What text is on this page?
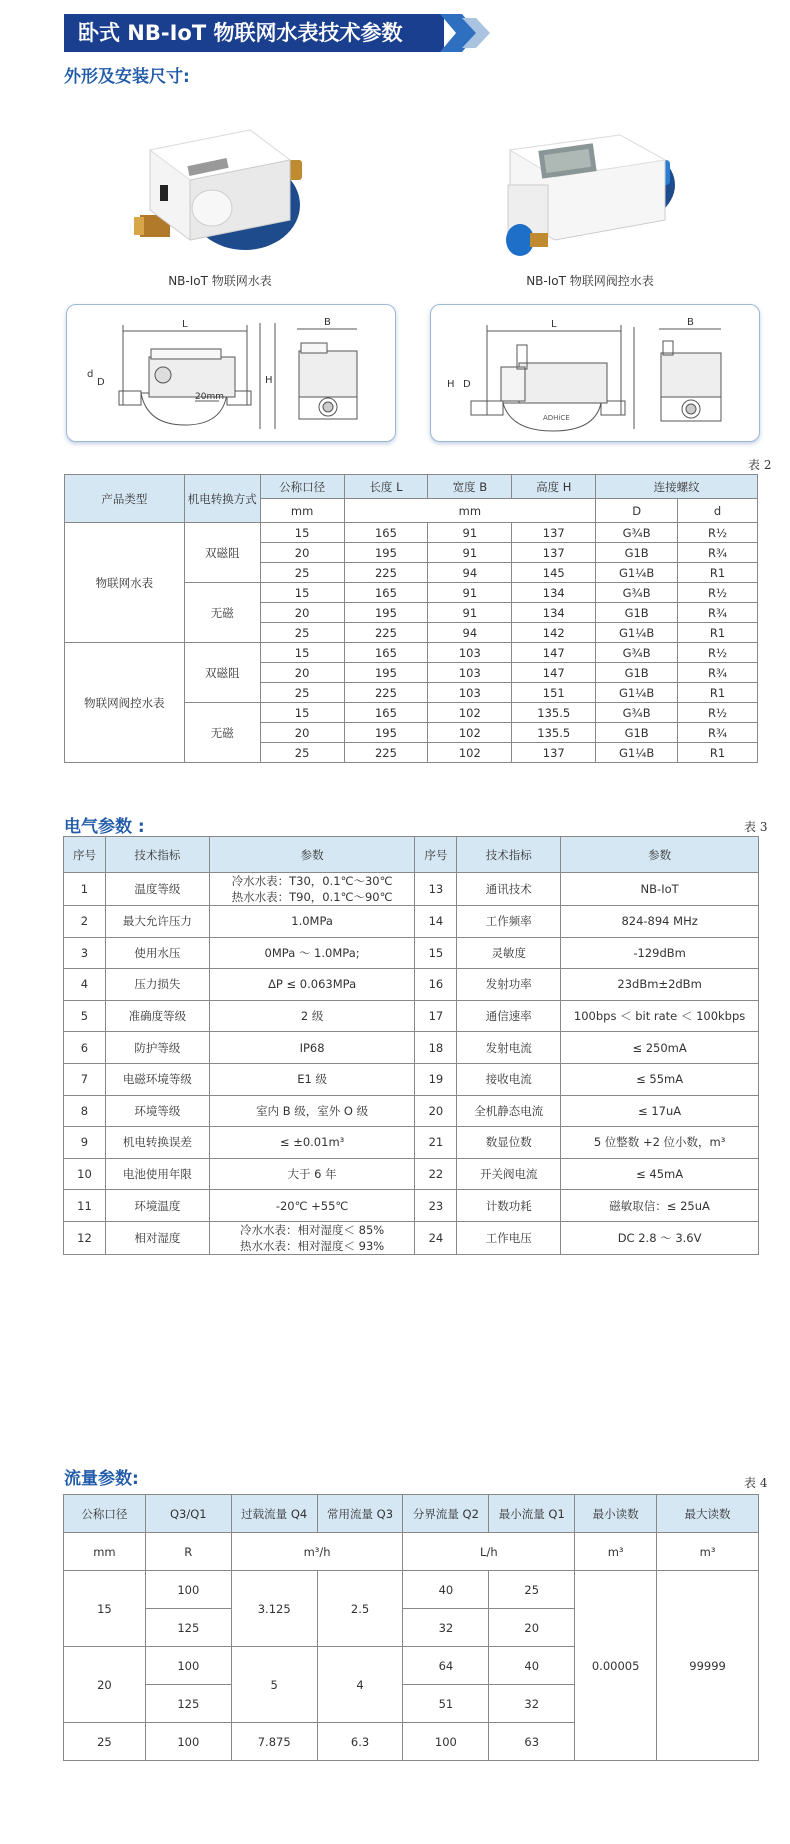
卧式 NB-IoT 物联网水表技术参数
外形及安装尺寸:
NB-IoT 物联网水表	NB-IoT 物联网阀控水表
L	B
H
d
D
20mm
L	B
H D
ADHiCE
表 2
产品类型	机电转换方式	公称口径	长度 L	宽度 B	高度 H	连接螺纹	
		mm	mm			D	d
物联网水表	双磁阻	15	165	91	137	G¾B	R½
		20	195	91	137	G1B	R¾
		25	225	94	145	G1¼B	R1
	无磁	15	165	91	134	G¾B	R½
		20	195	91	134	G1B	R¾
		25	225	94	142	G1¼B	R1
物联网阀控水表	双磁阻	15	165	103	147	G¾B	R½
		20	195	103	147	G1B	R¾
		25	225	103	151	G1¼B	R1
	无磁	15	165	102	135.5	G¾B	R½
		20	195	102	135.5	G1B	R¾
		25	225	102	137	G1¼B	R1
电气参数 :	表 3
序号	技术指标	参数	序号	技术指标	参数
1	温度等级	冷水水表：T30，0.1℃～30℃
热水水表：T90，0.1℃～90℃	13	通讯技术	NB-IoT
2	最大允许压力	1.0MPa	14	工作频率	824-894 MHz
3	使用水压	0MPa ～ 1.0MPa;	15	灵敏度	-129dBm
4	压力损失	ΔP ≤ 0.063MPa	16	发射功率	23dBm±2dBm
5	准确度等级	2 级	17	通信速率	100bps ＜ bit rate ＜ 100kbps
6	防护等级	IP68	18	发射电流	≤ 250mA
7	电磁环境等级	E1 级	19	接收电流	≤ 55mA
8	环境等级	室内 B 级，室外 O 级	20	全机静态电流	≤ 17uA
9	机电转换误差	≤ ±0.01m³	21	数显位数	5 位整数 +2 位小数，m³
10	电池使用年限	大于 6 年	22	开关阀电流	≤ 45mA
11	环境温度	-20℃ +55℃	23	计数功耗	磁敏取信：≤ 25uA
12	相对湿度	冷水水表：相对湿度＜ 85%
热水水表：相对湿度＜ 93%	24	工作电压	DC 2.8 ～ 3.6V
流量参数:	表 4
公称口径	Q3/Q1	过载流量 Q4	常用流量 Q3	分界流量 Q2	最小流量 Q1	最小读数	最大读数
mm	R	m³/h		L/h		m³	m³
15	100	3.125	2.5	40	25	0.00005	99999
	125			32	20		
20	100	5	4	64	40		
	125			51	32		
25	100	7.875	6.3	100	63		
